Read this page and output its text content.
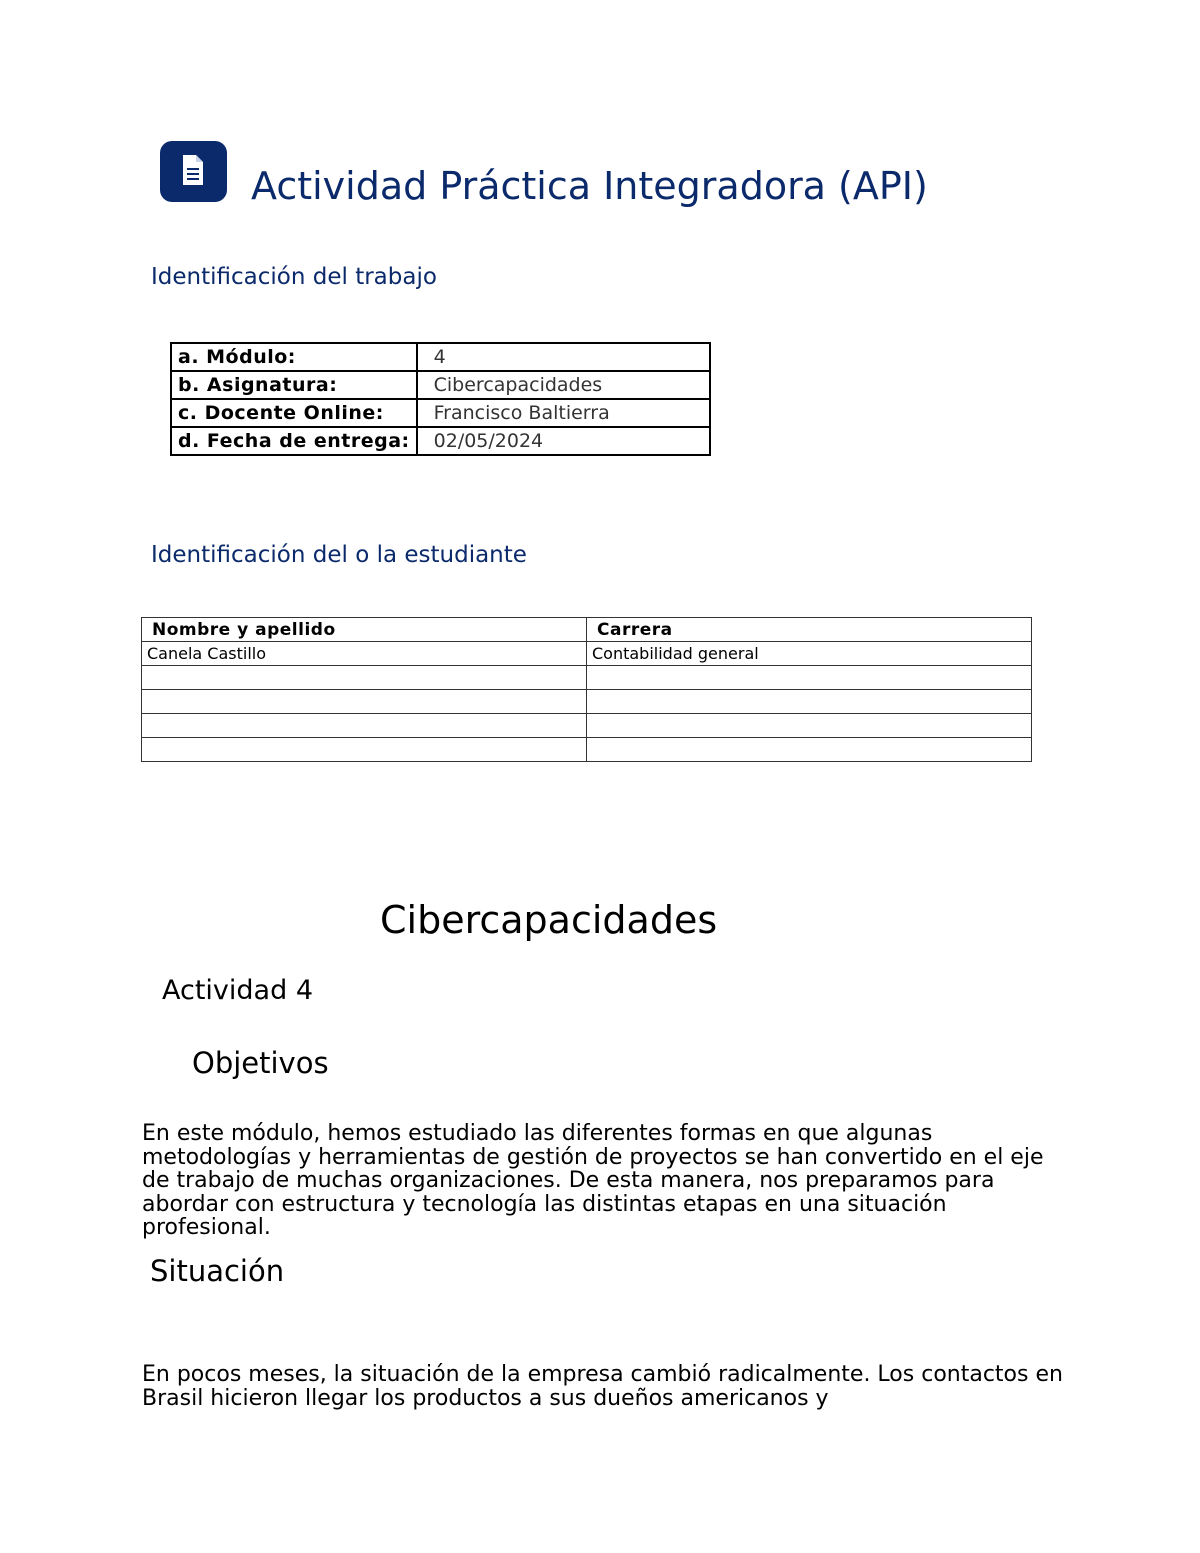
Actividad Práctica Integradora (API)
Identificación del trabajo
a. Módulo:	4
b. Asignatura:	Cibercapacidades
c. Docente Online:	Francisco Baltierra
d. Fecha de entrega:	02/05/2024
Identificación del o la estudiante
Nombre y apellido	Carrera
Canela Castillo	Contabilidad general

Cibercapacidades
Actividad 4
Objetivos
En este módulo, hemos estudiado las diferentes formas en que algunas metodologías y herramientas de gestión de proyectos se han convertido en el eje de trabajo de muchas organizaciones. De esta manera, nos preparamos para abordar con estructura y tecnología las distintas etapas en una situación profesional.
Situación
En pocos meses, la situación de la empresa cambió radicalmente. Los contactos en Brasil hicieron llegar los productos a sus dueños americanos y
